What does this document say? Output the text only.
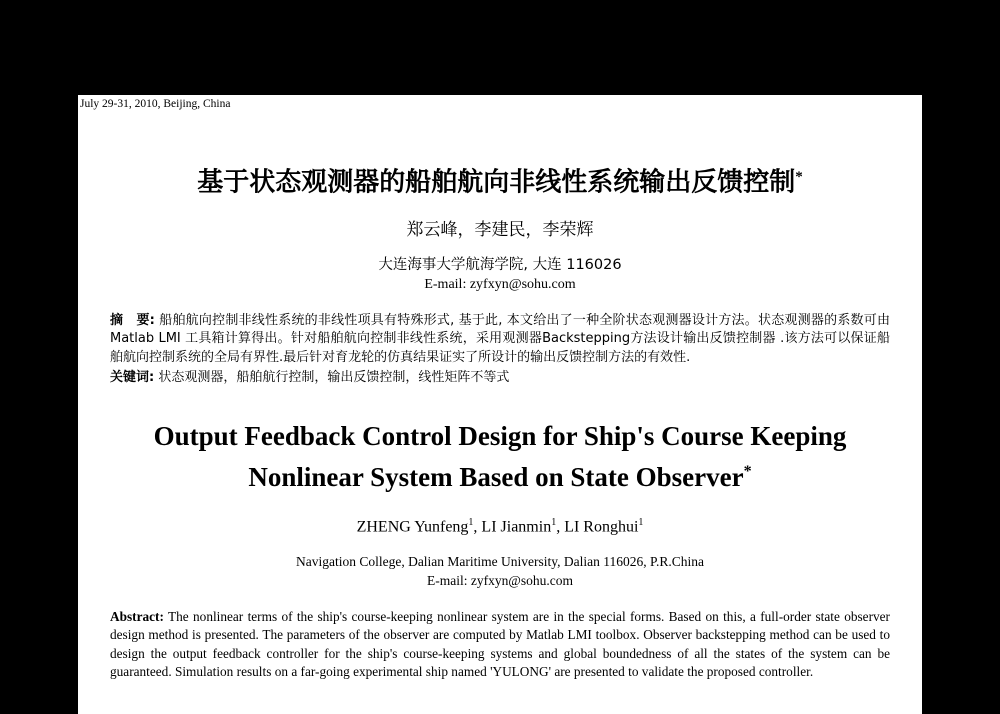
July 29-31, 2010, Beijing, China
基于状态观测器的船舶航向非线性系统输出反馈控制*
郑云峰，李建民，李荣辉
大连海事大学航海学院, 大连 116026
E-mail: zyfxyn@sohu.com
摘　要: 船舶航向控制非线性系统的非线性项具有特殊形式, 基于此, 本文给出了一种全阶状态观测器设计方法。状态观测器的系数可由Matlab LMI 工具箱计算得出。针对船舶航向控制非线性系统，采用观测器Backstepping方法设计输出反馈控制器 .该方法可以保证船舶航向控制系统的全局有界性.最后针对育龙轮的仿真结果证实了所设计的输出反馈控制方法的有效性.
关键词: 状态观测器，船舶航行控制，输出反馈控制，线性矩阵不等式
Output Feedback Control Design for Ship's Course Keeping Nonlinear System Based on State Observer*
ZHENG Yunfeng$^1$, LI Jianmin$^1$, LI Ronghui$^1$
Navigation College, Dalian Maritime University, Dalian 116026, P.R.China
E-mail: zyfxyn@sohu.com
Abstract: The nonlinear terms of the ship's course-keeping nonlinear system are in the special forms. Based on this, a full-order state observer design method is presented. The parameters of the observer are computed by Matlab LMI toolbox. Observer backstepping method can be used to design the output feedback controller for the ship's course-keeping systems and global boundedness of all the states of the system can be guaranteed. Simulation results on a far-going experimental ship named 'YULONG' are presented to validate the proposed controller.
